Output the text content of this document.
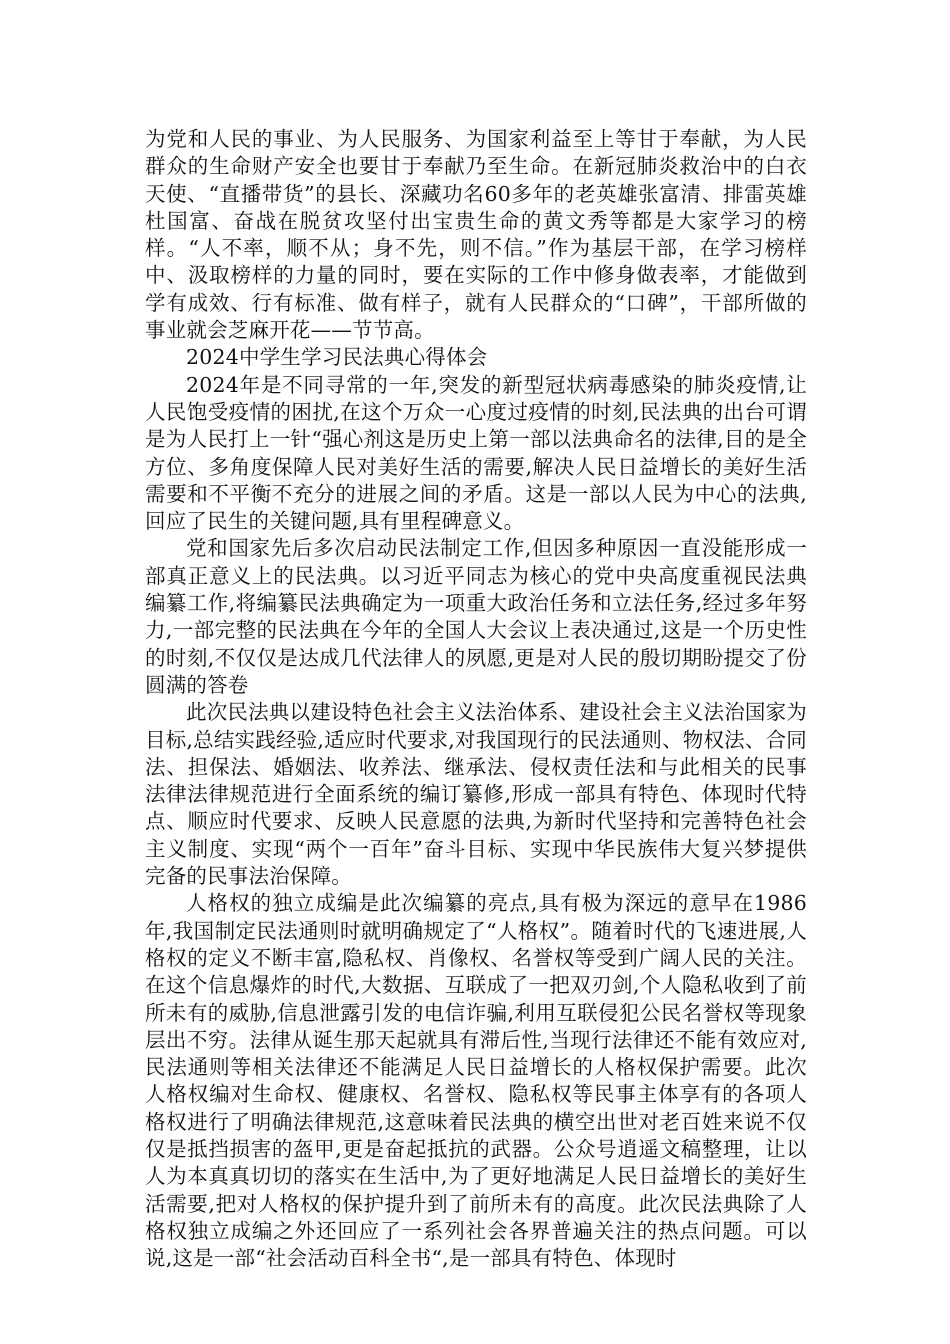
为党和人民的事业、为人民服务、为国家利益至上等甘于奉献，为人民群众的生命财产安全也要甘于奉献乃至生命。在新冠肺炎救治中的白衣天使、“直播带货”的县长、深藏功名60多年的老英雄张富清、排雷英雄杜国富、奋战在脱贫攻坚付出宝贵生命的黄文秀等都是大家学习的榜样。“人不率，顺不从；身不先，则不信。”作为基层干部，在学习榜样中、汲取榜样的力量的同时，要在实际的工作中修身做表率，才能做到学有成效、行有标准、做有样子，就有人民群众的“口碑”，干部所做的事业就会芝麻开花——节节高。

2024中学生学习民法典心得体会

2024年是不同寻常的一年,突发的新型冠状病毒感染的肺炎疫情,让人民饱受疫情的困扰,在这个万众一心度过疫情的时刻,民法典的出台可谓是为人民打上一针“强心剂这是历史上第一部以法典命名的法律,目的是全方位、多角度保障人民对美好生活的需要,解决人民日益增长的美好生活需要和不平衡不充分的进展之间的矛盾。这是一部以人民为中心的法典,回应了民生的关键问题,具有里程碑意义。

党和国家先后多次启动民法制定工作,但因多种原因一直没能形成一部真正意义上的民法典。以习近平同志为核心的党中央高度重视民法典编纂工作,将编纂民法典确定为一项重大政治任务和立法任务,经过多年努力,一部完整的民法典在今年的全国人大会议上表决通过,这是一个历史性的时刻,不仅仅是达成几代法律人的夙愿,更是对人民的殷切期盼提交了份圆满的答卷

此次民法典以建设特色社会主义法治体系、建设社会主义法治国家为目标,总结实践经验,适应时代要求,对我国现行的民法通则、物权法、合同法、担保法、婚姻法、收养法、继承法、侵权责任法和与此相关的民事法律法律规范进行全面系统的编订纂修,形成一部具有特色、体现时代特点、顺应时代要求、反映人民意愿的法典,为新时代坚持和完善特色社会主义制度、实现“两个一百年”奋斗目标、实现中华民族伟大复兴梦提供完备的民事法治保障。

人格权的独立成编是此次编纂的亮点,具有极为深远的意早在1986年,我国制定民法通则时就明确规定了“人格权”。随着时代的飞速进展,人格权的定义不断丰富,隐私权、肖像权、名誉权等受到广阔人民的关注。在这个信息爆炸的时代,大数据、互联成了一把双刃剑,个人隐私收到了前所未有的威胁,信息泄露引发的电信诈骗,利用互联侵犯公民名誉权等现象层出不穷。法律从诞生那天起就具有滞后性,当现行法律还不能有效应对,民法通则等相关法律还不能满足人民日益增长的人格权保护需要。此次人格权编对生命权、健康权、名誉权、隐私权等民事主体享有的各项人格权进行了明确法律规范,这意味着民法典的横空出世对老百姓来说不仅仅是抵挡损害的盔甲,更是奋起抵抗的武器。公众号逍遥文稿整理，让以人为本真真切切的落实在生活中,为了更好地满足人民日益增长的美好生活需要,把对人格权的保护提升到了前所未有的高度。此次民法典除了人格权独立成编之外还回应了一系列社会各界普遍关注的热点问题。可以说,这是一部“社会活动百科全书“,是一部具有特色、体现时
